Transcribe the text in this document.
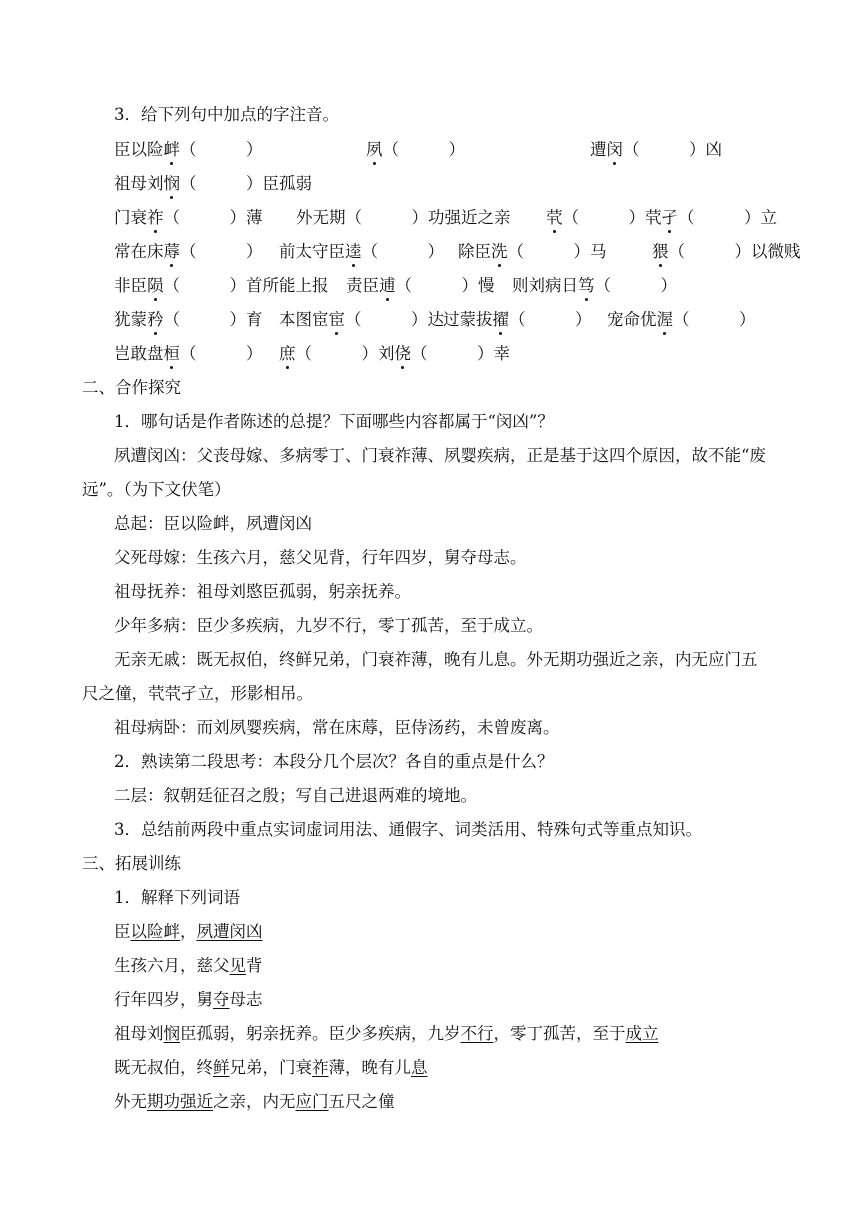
3．给下列句中加点的字注音。
臣以险衅（　　　）	夙（　　　）	遭闵（　　　）凶
祖母刘悯（　　　）臣孤弱
门衰祚（　　　）薄 外无期（　　　）功强近之亲 茕（　　　）茕孑（　　　）立
常在床蓐（　　　） 前太守臣逵（　　　） 除臣洗（　　　）马	猥（　　　）以微贱
非臣陨（　　　）首所能上报 责臣逋（　　　）慢 则刘病日笃（　　　）
犹蒙矜（　　　）育 本图宦宦（　　　）达 过蒙拔擢（　　　） 宠命优渥（　　　）
岂敢盘桓（　　　） 庶（　　　）刘侥（　　　）幸
二、合作探究
1．哪句话是作者陈述的总提？下面哪些内容都属于“闵凶”？
夙遭闵凶：父丧母嫁、多病零丁、门衰祚薄、夙婴疾病，正是基于这四个原因，故不能“废
远”。（为下文伏笔）
总起：臣以险衅，夙遭闵凶
父死母嫁：生孩六月，慈父见背，行年四岁，舅夺母志。
祖母抚养：祖母刘愍臣孤弱，躬亲抚养。
少年多病：臣少多疾病，九岁不行，零丁孤苦，至于成立。
无亲无戚：既无叔伯，终鲜兄弟，门衰祚薄，晚有儿息。外无期功强近之亲，内无应门五
尺之僮，茕茕孑立，形影相吊。
祖母病卧：而刘夙婴疾病，常在床蓐，臣侍汤药，未曾废离。
2．熟读第二段思考：本段分几个层次？各自的重点是什么？
二层：叙朝廷征召之殷；写自己进退两难的境地。
3．总结前两段中重点实词虚词用法、通假字、词类活用、特殊句式等重点知识。
三、拓展训练
1．解释下列词语
臣以险衅，夙遭闵凶
生孩六月，慈父见背
行年四岁，舅夺母志
祖母刘悯臣孤弱，躬亲抚养。臣少多疾病，九岁不行，零丁孤苦，至于成立
既无叔伯，终鲜兄弟，门衰祚薄，晚有儿息
外无期功强近之亲，内无应门五尺之僮
